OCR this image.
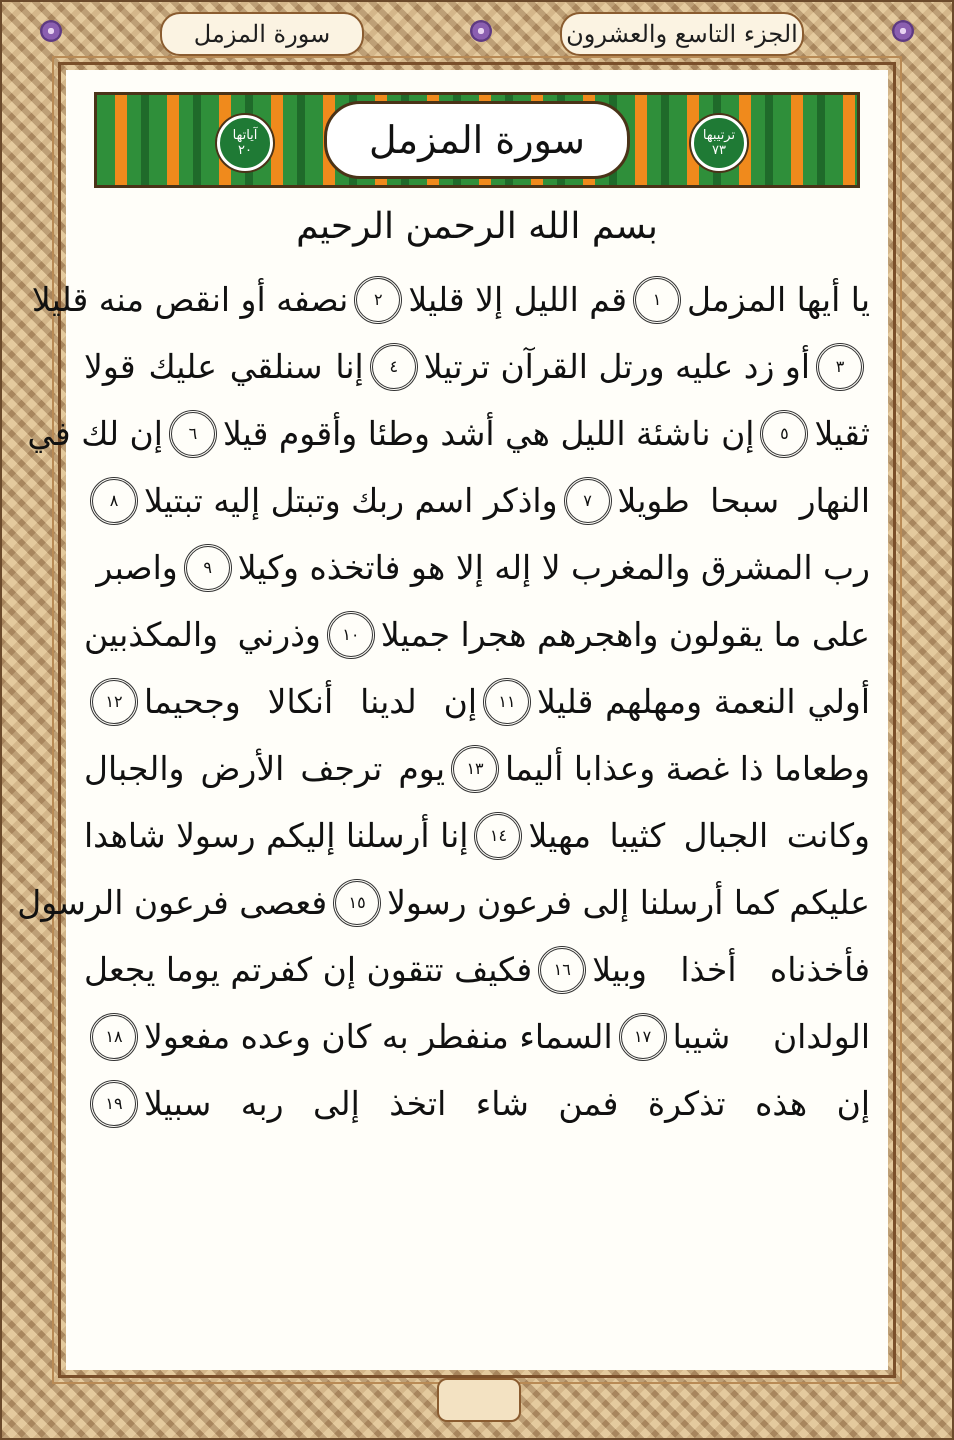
سورة المزمل	الجزء التاسع والعشرون
آياتها
٢٠	سورة المزمل	ترتيبها
٧٣
بسم الله الرحمن الرحيم
يا أيها المزمل
١
قم الليل إلا قليلا
٢
نصفه أو انقص منه قليلا
٣
أو زد عليه ورتل القرآن ترتيلا
٤
إنا سنلقي عليك قولا
ثقيلا
٥
إن ناشئة الليل هي أشد وطئا وأقوم قيلا
٦
إن لك في
النهار سبحا طويلا
٧
واذكر اسم ربك وتبتل إليه تبتيلا
٨
رب المشرق والمغرب لا إله إلا هو فاتخذه وكيلا
٩
واصبر
على ما يقولون واهجرهم هجرا جميلا
١٠
وذرني والمكذبين
أولي النعمة ومهلهم قليلا
١١
إن لدينا أنكالا وجحيما
١٢
وطعاما ذا غصة وعذابا أليما
١٣
يوم ترجف الأرض والجبال
وكانت الجبال كثيبا مهيلا
١٤
إنا أرسلنا إليكم رسولا شاهدا
عليكم كما أرسلنا إلى فرعون رسولا
١٥
فعصى فرعون الرسول
فأخذناه أخذا وبيلا
١٦
فكيف تتقون إن كفرتم يوما يجعل
الولدان شيبا
١٧
السماء منفطر به كان وعده مفعولا
١٨
إن هذه تذكرة فمن شاء اتخذ إلى ربه سبيلا
١٩
